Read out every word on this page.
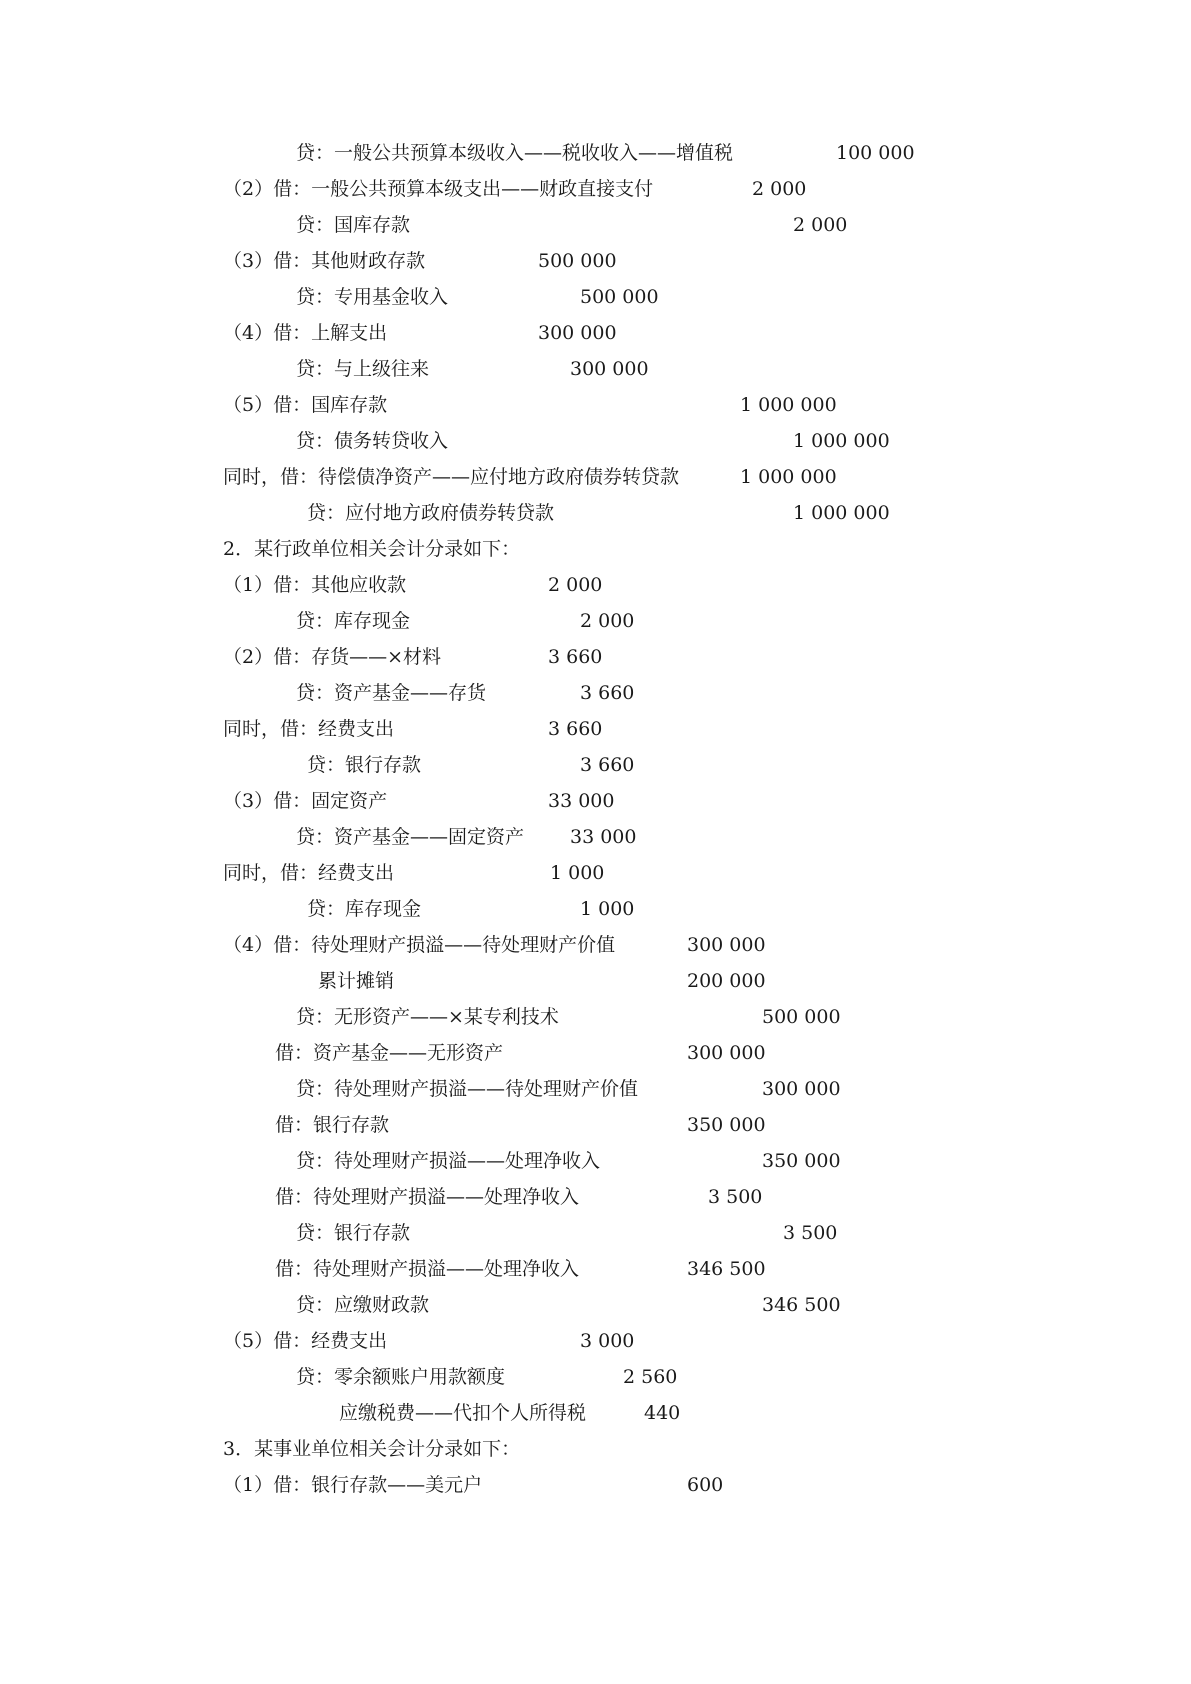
贷：一般公共预算本级收入——税收收入——增值税	100 000
（2）借：一般公共预算本级支出——财政直接支付	2 000
贷：国库存款	2 000
（3）借：其他财政存款	500 000
贷：专用基金收入	500 000
（4）借：上解支出	300 000
贷：与上级往来	300 000
（5）借：国库存款	1 000 000
贷：债务转贷收入	1 000 000
同时，借：待偿债净资产——应付地方政府债券转贷款	1 000 000
贷：应付地方政府债券转贷款	1 000 000
2．某行政单位相关会计分录如下：
（1）借：其他应收款	2 000
贷：库存现金	2 000
（2）借：存货——×材料	3 660
贷：资产基金——存货	3 660
同时，借：经费支出	3 660
贷：银行存款	3 660
（3）借：固定资产	33 000
贷：资产基金——固定资产 33 000
同时，借：经费支出	1 000
贷：库存现金	1 000
（4）借：待处理财产损溢——待处理财产价值	300 000
累计摊销	200 000
贷：无形资产——×某专利技术	500 000
借：资产基金——无形资产	300 000
贷：待处理财产损溢——待处理财产价值	300 000
借：银行存款	350 000
贷：待处理财产损溢——处理净收入	350 000
借：待处理财产损溢——处理净收入	3 500
贷：银行存款	3 500
借：待处理财产损溢——处理净收入	346 500
贷：应缴财政款	346 500
（5）借：经费支出	3 000
贷：零余额账户用款额度	2 560
应缴税费——代扣个人所得税	440
3．某事业单位相关会计分录如下：
（1）借：银行存款——美元户	600
